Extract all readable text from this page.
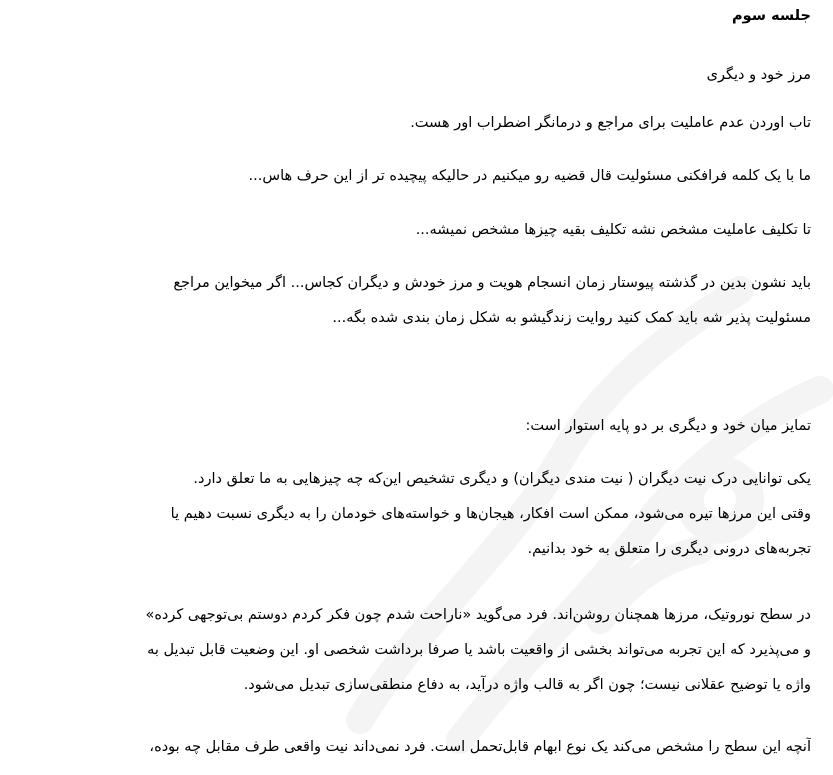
جلسه سوم
مرز خود و دیگری
تاب اوردن عدم عاملیت برای مراجع و درمانگر اضطراب اور هست.
ما با یک کلمه فرافکنی مسئولیت قال قضیه رو میکنیم در حالیکه پیچیده تر از این حرف هاس...
تا تکلیف عاملیت مشخص نشه تکلیف بقیه چیزها مشخص نمیشه...
باید نشون بدین در گذشته پیوستار زمان انسجام هویت و مرز خودش و دیگران کجاس... اگر میخواین مراجع
مسئولیت پذیر شه باید کمک کنید روایت زندگیشو به شکل زمان بندی شده بگه...
تمایز میان خود و دیگری بر دو پایه استوار است:
یکی توانایی درک نیت دیگران ( نیت مندی دیگران) و دیگری تشخیص این‌که چه چیزهایی به ما تعلق دارد.
وقتی این مرزها تیره می‌شود، ممکن است افکار، هیجان‌ها و خواسته‌های خودمان را به دیگری نسبت دهیم یا
تجربه‌های درونی دیگری را متعلق به خود بدانیم.
در سطح نوروتیک، مرزها همچنان روشن‌اند. فرد می‌گوید «ناراحت شدم چون فکر کردم دوستم بی‌توجهی کرده»
و می‌پذیرد که این تجربه می‌تواند بخشی از واقعیت باشد یا صرفا برداشت شخصی او. این وضعیت قابل تبدیل به
واژه یا توضیح عقلانی نیست؛ چون اگر به قالب واژه درآید، به دفاع منطقی‌سازی تبدیل می‌شود.
آنچه این سطح را مشخص می‌کند یک نوع ابهام قابل‌تحمل است. فرد نمی‌داند نیت واقعی طرف مقابل چه بوده،
